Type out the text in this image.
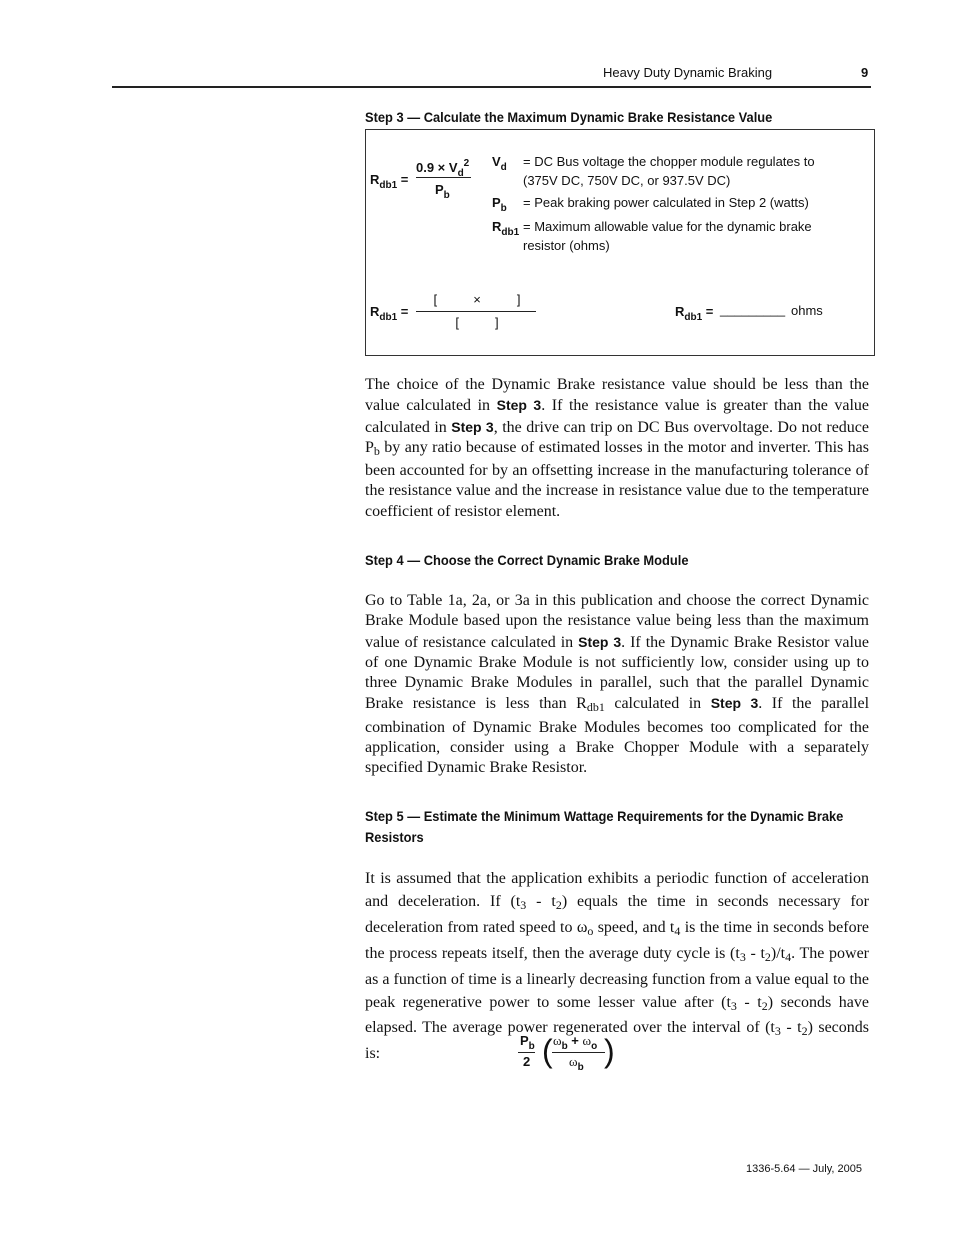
Heavy Duty Dynamic Braking	9
Step 3 — Calculate the Maximum Dynamic Brake Resistance Value
$R_{db1}$ =
$0.9 \times V_d^2$
$P_b$
$V_d$ = DC Bus voltage the chopper module regulates to (375V DC, 750V DC, or 937.5V DC)
$P_b$ = Peak braking power calculated in Step 2 (watts)
$R_{db1}$ = Maximum allowable value for the dynamic brake resistor (ohms)
$R_{db1}$ =
[          ×          ]
[          ]
$R_{db1}$ = _________ ohms
The choice of the Dynamic Brake resistance value should be less than the value calculated in Step 3. If the resistance value is greater than the value calculated in Step 3, the drive can trip on DC Bus overvoltage. Do not reduce $P_b$ by any ratio because of estimated losses in the motor and inverter. This has been accounted for by an offsetting increase in the manufacturing tolerance of the resistance value and the increase in resistance value due to the temperature coefficient of resistor element.
Step 4 — Choose the Correct Dynamic Brake Module
Go to Table 1a, 2a, or 3a in this publication and choose the correct Dynamic Brake Module based upon the resistance value being less than the maximum value of resistance calculated in Step 3. If the Dynamic Brake Resistor value of one Dynamic Brake Module is not sufficiently low, consider using up to three Dynamic Brake Modules in parallel, such that the parallel Dynamic Brake resistance is less than $R_{db1}$ calculated in Step 3. If the parallel combination of Dynamic Brake Modules becomes too complicated for the application, consider using a Brake Chopper Module with a separately specified Dynamic Brake Resistor.
Step 5 — Estimate the Minimum Wattage Requirements for the Dynamic Brake Resistors
It is assumed that the application exhibits a periodic function of acceleration and deceleration. If $(t_3 - t_2)$ equals the time in seconds necessary for deceleration from rated speed to $\omega_o$ speed, and $t_4$ is the time in seconds before the process repeats itself, then the average duty cycle is $(t_3 - t_2)/t_4$. The power as a function of time is a linearly decreasing function from a value equal to the peak regenerative power to some lesser value after $(t_3 - t_2)$ seconds have elapsed. The average power regenerated over the interval of $(t_3 - t_2)$ seconds is:
$P_b$
2 ( $\omega_b + \omega_o$
$\omega_b$ )
1336-5.64 — July, 2005
